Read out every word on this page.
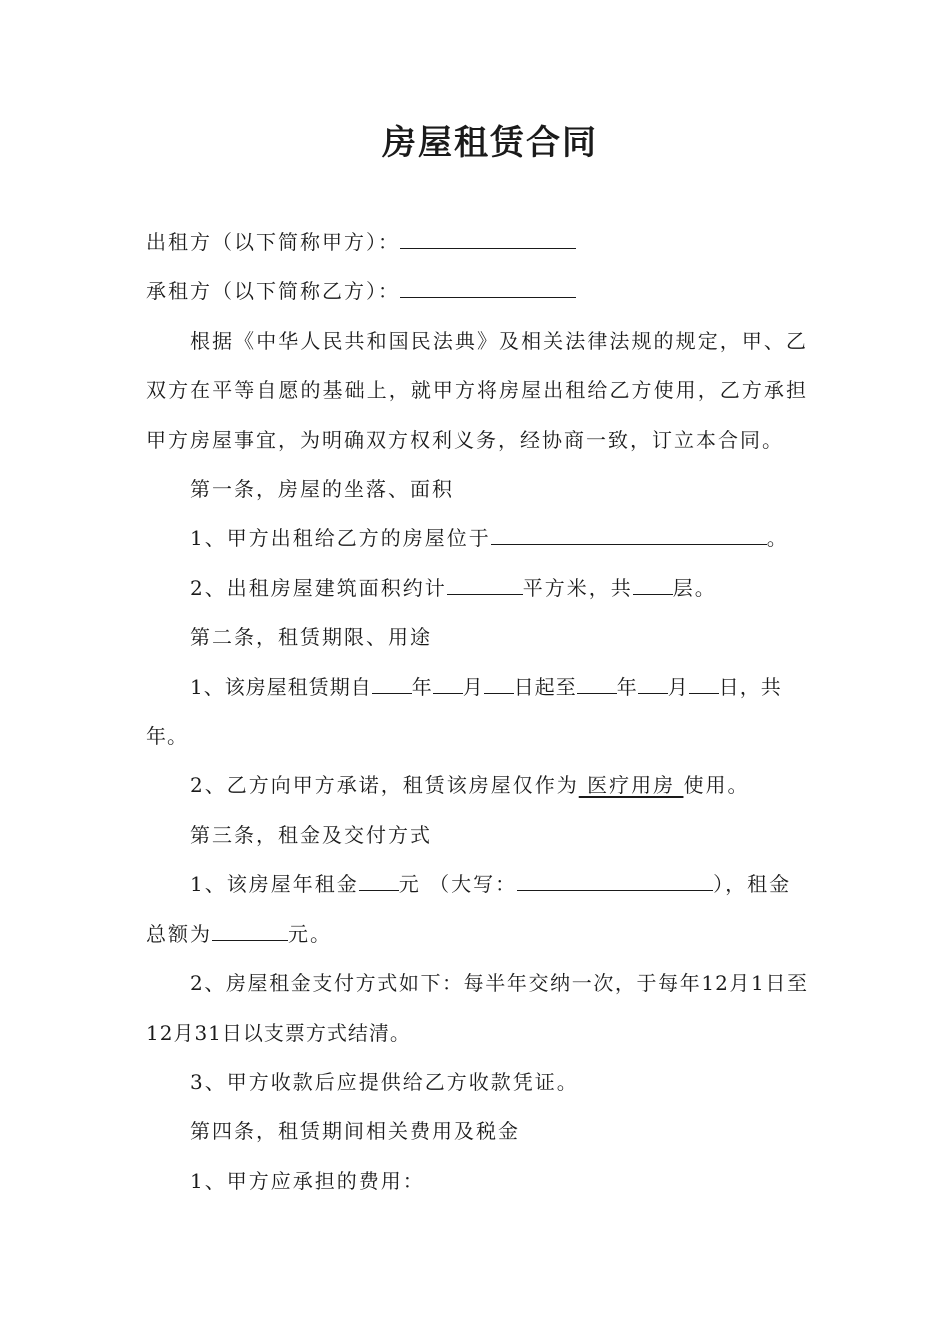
房屋租赁合同

出租方（以下简称甲方）：

承租方（以下简称乙方）：

根据《中华人民共和国民法典》及相关法律法规的规定，甲、乙双方在平等自愿的基础上，就甲方将房屋出租给乙方使用，乙方承担甲方房屋事宜，为明确双方权利义务，经协商一致，订立本合同。

第一条，房屋的坐落、面积

1、甲方出租给乙方的房屋位于	。

2、出租房屋建筑面积约计	平方米，共 层。

第二条，租赁期限、用途

1、该房屋租赁期自 年 月 日起至 年 月 日，共年。

2、乙方向甲方承诺，租赁该房屋仅作为 医疗用房 使用。

第三条，租金及交付方式

1、该房屋年租金 元 （大写：	），租金总额为	元。

2、房屋租金支付方式如下：每半年交纳一次，于每年12月1日至12月31日以支票方式结清。

3、甲方收款后应提供给乙方收款凭证。

第四条，租赁期间相关费用及税金

1、甲方应承担的费用：
